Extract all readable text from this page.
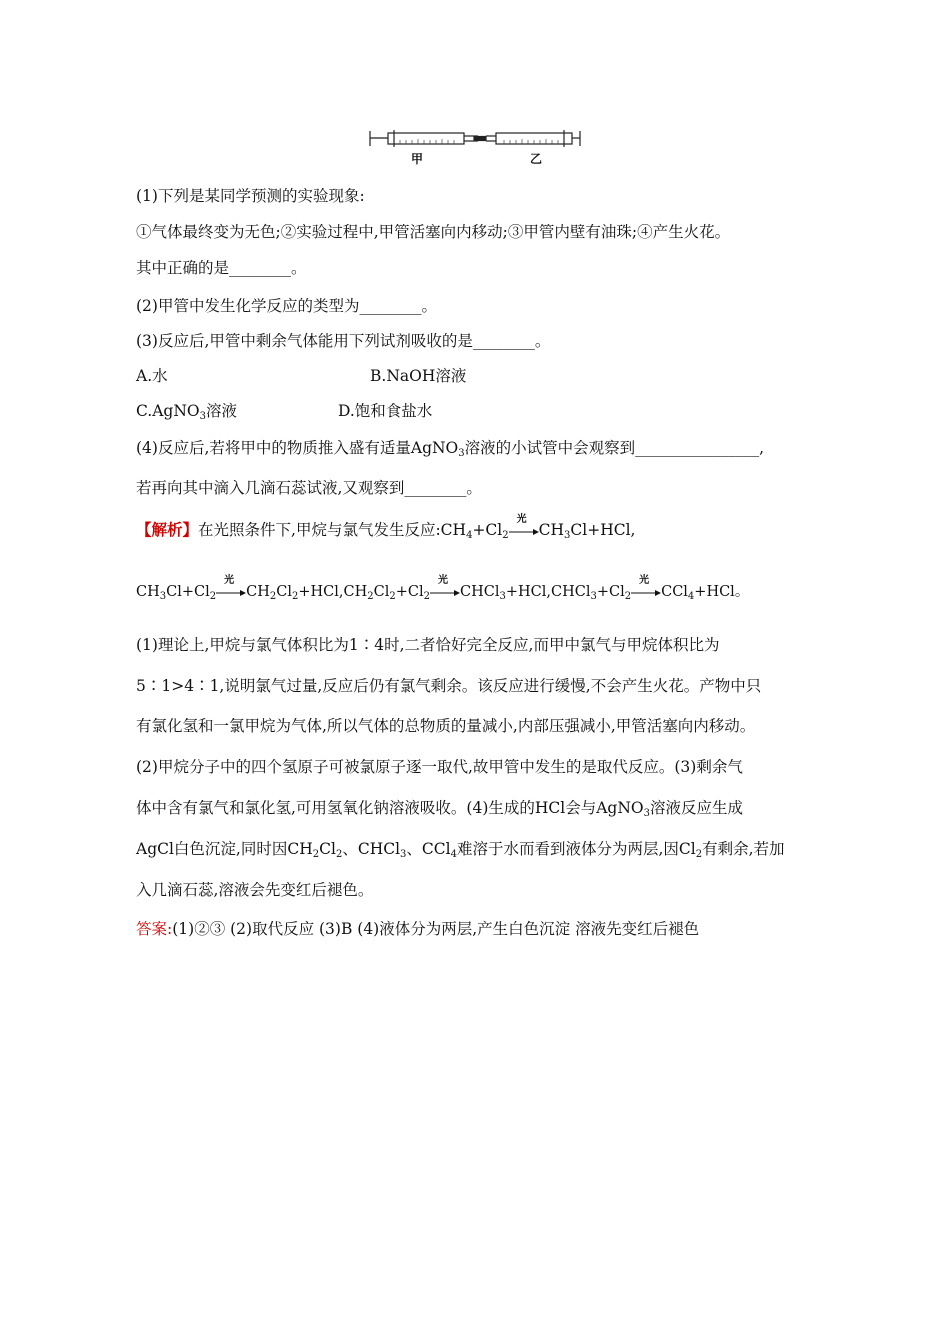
甲	乙
(1)下列是某同学预测的实验现象:
①气体最终变为无色;②实验过程中,甲管活塞向内移动;③甲管内壁有油珠;④产生火花。
其中正确的是________。
(2)甲管中发生化学反应的类型为________。
(3)反应后,甲管中剩余气体能用下列试剂吸收的是________。
A.水	B.NaOH溶液
C.AgNO$_3$溶液	D.饱和食盐水
(4)反应后,若将甲中的物质推入盛有适量AgNO$_3$溶液的小试管中会观察到________________,
若再向其中滴入几滴石蕊试液,又观察到________。
【解析】在光照条件下,甲烷与氯气发生反应$:CH_4+Cl_2$
光
$CH_3Cl+HCl$,
$CH_3Cl+Cl_2$
光
$CH_2Cl_2+HCl,CH_2Cl_2+Cl_2$
光
$CHCl_3+HCl,CHCl_3+Cl_2$
光
CCl$_4$+HCl。
(1)理论上,甲烷与氯气体积比为1∶4时,二者恰好完全反应,而甲中氯气与甲烷体积比为
5∶1>4∶1,说明氯气过量,反应后仍有氯气剩余。该反应进行缓慢,不会产生火花。产物中只
有氯化氢和一氯甲烷为气体,所以气体的总物质的量减小,内部压强减小,甲管活塞向内移动。
(2)甲烷分子中的四个氢原子可被氯原子逐一取代,故甲管中发生的是取代反应。(3)剩余气
体中含有氯气和氯化氢,可用氢氧化钠溶液吸收。(4)生成的HCl会与AgNO$_3$溶液反应生成
AgCl白色沉淀,同时因$CH_2Cl_2$、CHCl$_3$、CCl$_4$难溶于水而看到液体分为两层,因$Cl_2$有剩余,若加
入几滴石蕊,溶液会先变红后褪色。
答案:(1)②③ (2)取代反应 (3)B (4)液体分为两层,产生白色沉淀 溶液先变红后褪色
